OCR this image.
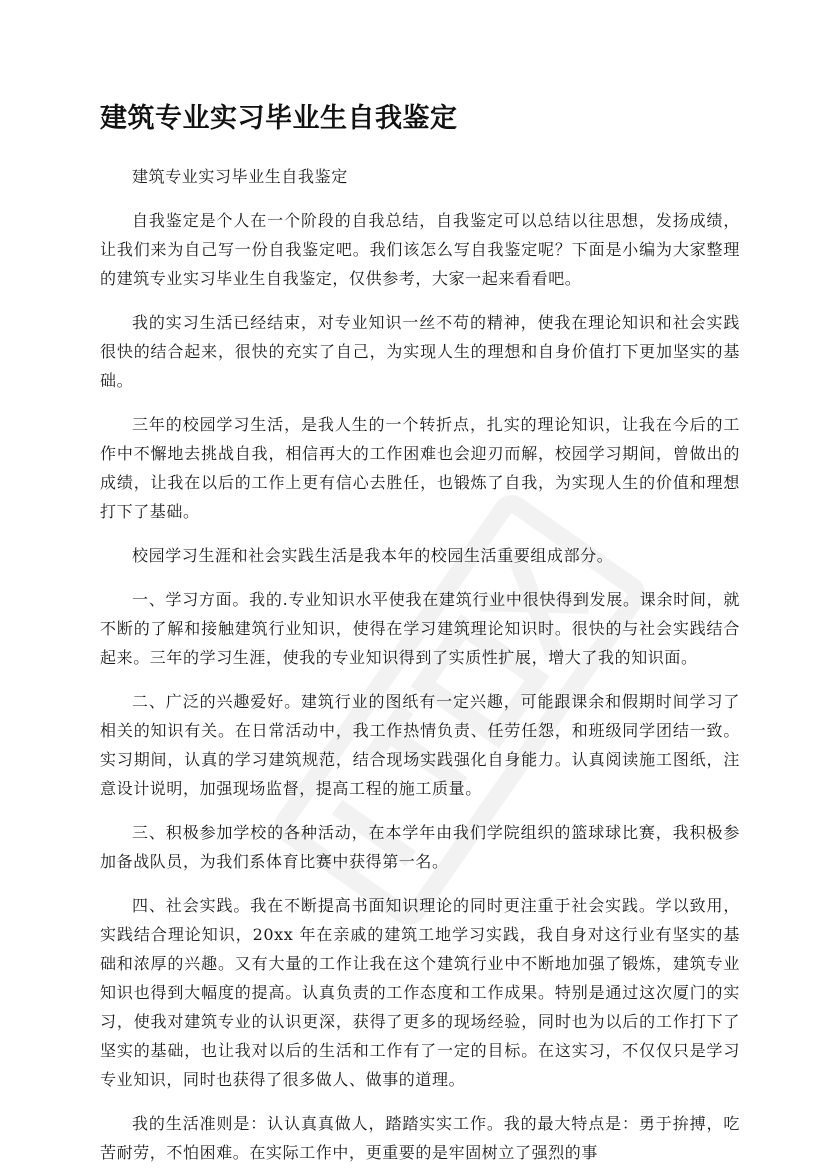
建筑专业实习毕业生自我鉴定

建筑专业实习毕业生自我鉴定

自我鉴定是个人在一个阶段的自我总结，自我鉴定可以总结以往思想，发扬成绩，让我们来为自己写一份自我鉴定吧。我们该怎么写自我鉴定呢？下面是小编为大家整理的建筑专业实习毕业生自我鉴定，仅供参考，大家一起来看看吧。

我的实习生活已经结束，对专业知识一丝不苟的精神，使我在理论知识和社会实践很快的结合起来，很快的充实了自己，为实现人生的理想和自身价值打下更加坚实的基础。

三年的校园学习生活，是我人生的一个转折点，扎实的理论知识，让我在今后的工作中不懈地去挑战自我，相信再大的工作困难也会迎刃而解，校园学习期间，曾做出的成绩，让我在以后的工作上更有信心去胜任，也锻炼了自我，为实现人生的价值和理想打下了基础。

校园学习生涯和社会实践生活是我本年的校园生活重要组成部分。

一、学习方面。我的.专业知识水平使我在建筑行业中很快得到发展。课余时间，就不断的了解和接触建筑行业知识，使得在学习建筑理论知识时。很快的与社会实践结合起来。三年的学习生涯，使我的专业知识得到了实质性扩展，增大了我的知识面。

二、广泛的兴趣爱好。建筑行业的图纸有一定兴趣，可能跟课余和假期时间学习了相关的知识有关。在日常活动中，我工作热情负责、任劳任怨，和班级同学团结一致。实习期间，认真的学习建筑规范，结合现场实践强化自身能力。认真阅读施工图纸，注意设计说明，加强现场监督，提高工程的施工质量。

三、积极参加学校的各种活动，在本学年由我们学院组织的篮球球比赛，我积极参加备战队员，为我们系体育比赛中获得第一名。

四、社会实践。我在不断提高书面知识理论的同时更注重于社会实践。学以致用，实践结合理论知识，20xx 年在亲戚的建筑工地学习实践，我自身对这行业有坚实的基础和浓厚的兴趣。又有大量的工作让我在这个建筑行业中不断地加强了锻炼，建筑专业知识也得到大幅度的提高。认真负责的工作态度和工作成果。特别是通过这次厦门的实习，使我对建筑专业的认识更深，获得了更多的现场经验，同时也为以后的工作打下了坚实的基础，也让我对以后的生活和工作有了一定的目标。在这实习，不仅仅只是学习专业知识，同时也获得了很多做人、做事的道理。

我的生活准则是：认认真真做人，踏踏实实工作。我的最大特点是：勇于拚搏，吃苦耐劳，不怕困难。在实际工作中，更重要的是牢固树立了强烈的事
